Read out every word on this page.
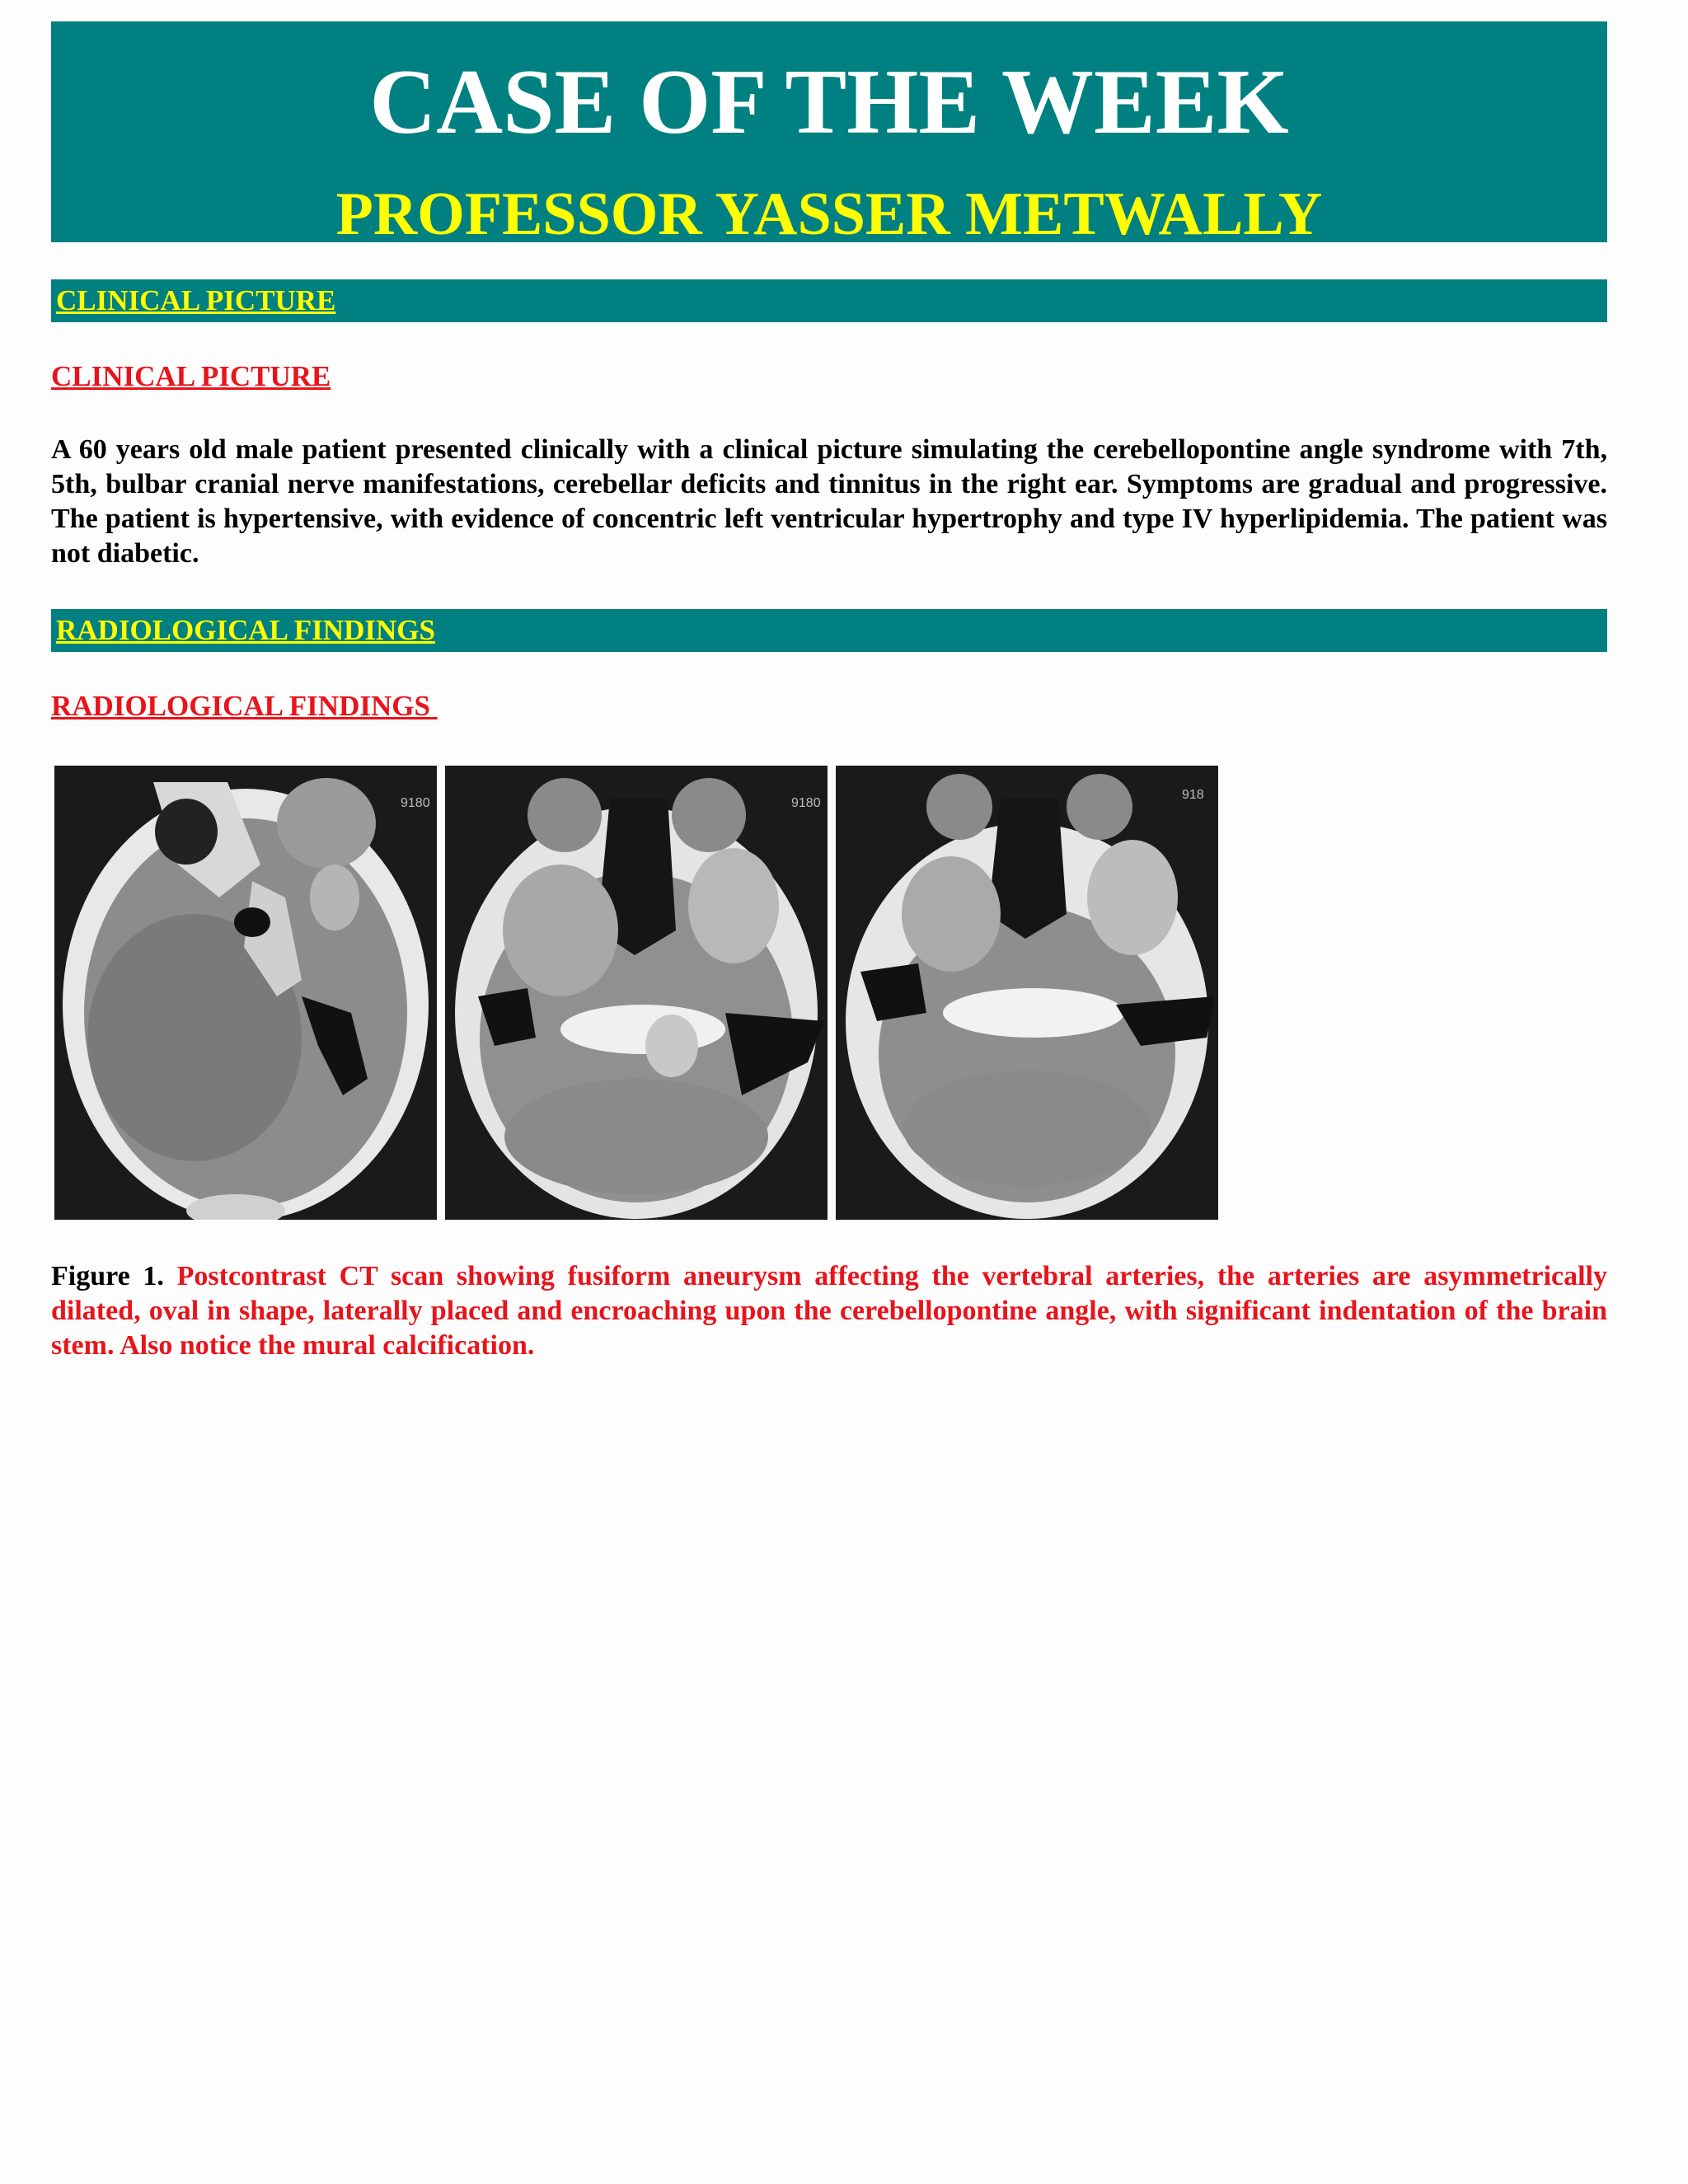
CASE OF THE WEEK
PROFESSOR YASSER METWALLY
CLINICAL PICTURE
CLINICAL PICTURE

A 60 years old male patient presented clinically with a clinical picture simulating the cerebellopontine angle syndrome with 7th, 5th, bulbar cranial nerve manifestations, cerebellar deficits and tinnitus in the right ear. Symptoms are gradual and progressive. The patient is hypertensive, with evidence of concentric left ventricular hypertrophy and type IV hyperlipidemia. The patient was not diabetic.

RADIOLOGICAL FINDINGS
RADIOLOGICAL FINDINGS
9180	9180
918

Figure 1. Postcontrast CT scan showing fusiform aneurysm affecting the vertebral arteries, the arteries are asymmetrically dilated, oval in shape, laterally placed and encroaching upon the cerebellopontine angle, with significant indentation of the brain stem. Also notice the mural calcification.
